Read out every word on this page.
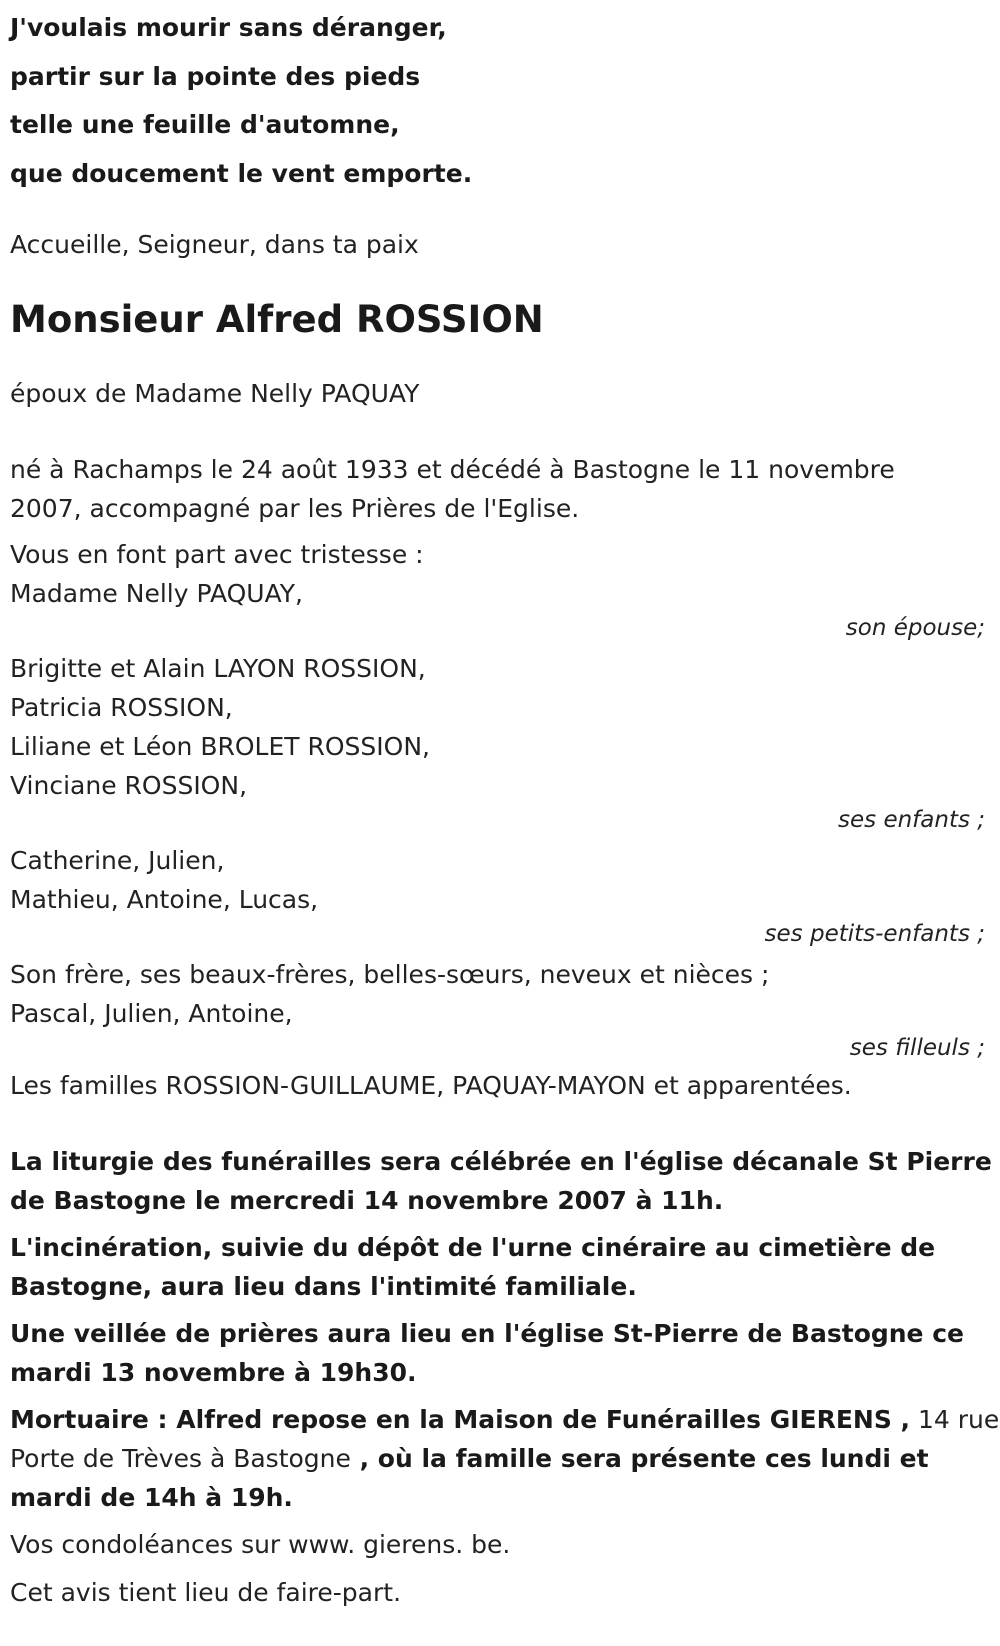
J'voulais mourir sans déranger,
partir sur la pointe des pieds
telle une feuille d'automne,
que doucement le vent emporte.
Accueille, Seigneur, dans ta paix
Monsieur Alfred ROSSION
époux de Madame Nelly PAQUAY
né à Rachamps le 24 août 1933 et décédé à Bastogne le 11 novembre
2007, accompagné par les Prières de l'Eglise.
Vous en font part avec tristesse :
Madame Nelly PAQUAY,
son épouse;
Brigitte et Alain LAYON ROSSION,
Patricia ROSSION,
Liliane et Léon BROLET ROSSION,
Vinciane ROSSION,
ses enfants ;
Catherine, Julien,
Mathieu, Antoine, Lucas,
ses petits-enfants ;
Son frère, ses beaux-frères, belles-sœurs, neveux et nièces ;
Pascal, Julien, Antoine,
ses filleuls ;
Les familles ROSSION-GUILLAUME, PAQUAY-MAYON et apparentées.
La liturgie des funérailles sera célébrée en l'église décanale St Pierre
de Bastogne le mercredi 14 novembre 2007 à 11h.
L'incinération, suivie du dépôt de l'urne cinéraire au cimetière de
Bastogne, aura lieu dans l'intimité familiale.
Une veillée de prières aura lieu en l'église St-Pierre de Bastogne ce
mardi 13 novembre à 19h30.
Mortuaire : Alfred repose en la Maison de Funérailles GIERENS , 14 rue
Porte de Trèves à Bastogne , où la famille sera présente ces lundi et
mardi de 14h à 19h.
Vos condoléances sur www. gierens. be.
Cet avis tient lieu de faire-part.
